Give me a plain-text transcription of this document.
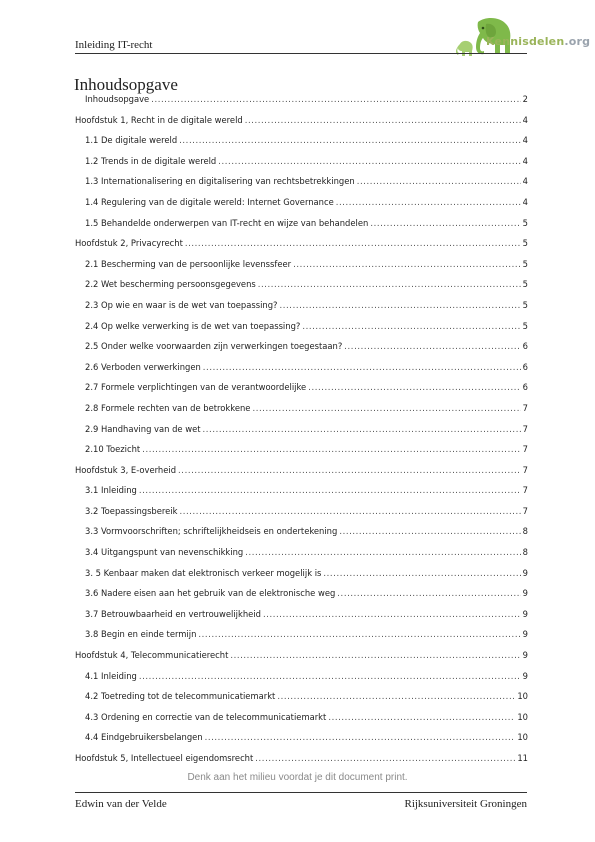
Inleiding IT-recht	Kennisdelen.org
Inhoudsopgave
Inhoudsopgave .....	2
Hoofdstuk 1, Recht in de digitale wereld .....	4
1.1 De digitale wereld .....	4
1.2 Trends in de digitale wereld .....	4
1.3 Internationalisering en digitalisering van rechtsbetrekkingen .....	4
1.4 Regulering van de digitale wereld: Internet Governance .....	4
1.5 Behandelde onderwerpen van IT-recht en wijze van behandelen .....	5
Hoofdstuk 2, Privacyrecht .....	5
2.1 Bescherming van de persoonlijke levenssfeer .....	5
2.2 Wet bescherming persoonsgegevens .....	5
2.3 Op wie en waar is de wet van toepassing? .....	5
2.4 Op welke verwerking is de wet van toepassing? .....	5
2.5 Onder welke voorwaarden zijn verwerkingen toegestaan? .....	6
2.6 Verboden verwerkingen .....	6
2.7 Formele verplichtingen van de verantwoordelijke .....	6
2.8 Formele rechten van de betrokkene .....	7
2.9 Handhaving van de wet .....	7
2.10 Toezicht .....	7
Hoofdstuk 3, E-overheid .....	7
3.1 Inleiding .....	7
3.2 Toepassingsbereik .....	7
3.3 Vormvoorschriften; schriftelijkheidseis en ondertekening .....	8
3.4 Uitgangspunt van nevenschikking .....	8
3. 5 Kenbaar maken dat elektronisch verkeer mogelijk is .....	9
3.6 Nadere eisen aan het gebruik van de elektronische weg .....	9
3.7 Betrouwbaarheid en vertrouwelijkheid .....	9
3.8 Begin en einde termijn .....	9
Hoofdstuk 4, Telecommunicatierecht .....	9
4.1 Inleiding .....	9
4.2 Toetreding tot de telecommunicatiemarkt .....	10
4.3 Ordening en correctie van de telecommunicatiemarkt .....	10
4.4 Eindgebruikersbelangen .....	10
Hoofdstuk 5, Intellectueel eigendomsrecht .....	11
Denk aan het milieu voordat je dit document print.
Edwin van der Velde	Rijksuniversiteit Groningen
